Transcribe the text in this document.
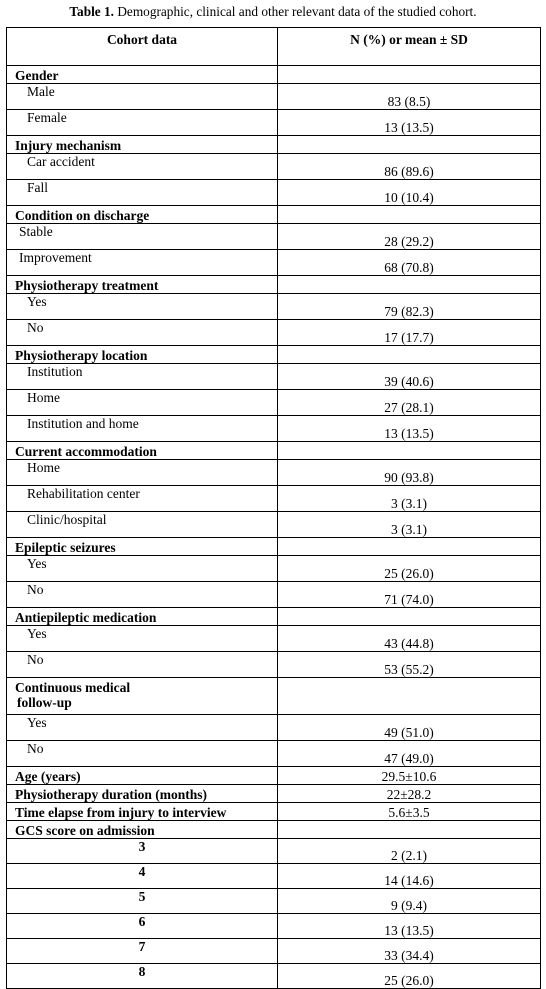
Table 1. Demographic, clinical and other relevant data of the studied cohort.
Cohort data	N (%) or mean ± SD
Gender	
Male	83 (8.5)
Female	13 (13.5)
Injury mechanism	
Car accident	86 (89.6)
Fall	10 (10.4)
Condition on discharge	
Stable	28 (29.2)
Improvement	68 (70.8)
Physiotherapy treatment	
Yes	79 (82.3)
No	17 (17.7)
Physiotherapy location	
Institution	39 (40.6)
Home	27 (28.1)
Institution and home	13 (13.5)
Current accommodation	
Home	90 (93.8)
Rehabilitation center	3 (3.1)
Clinic/hospital	3 (3.1)
Epileptic seizures	
Yes	25 (26.0)
No	71 (74.0)
Antiepileptic medication	
Yes	43 (44.8)
No	53 (55.2)
Continuous medical
follow-up	
Yes	49 (51.0)
No	47 (49.0)
Age (years)	29.5±10.6
Physiotherapy duration (months)	22±28.2
Time elapse from injury to interview	5.6±3.5
GCS score on admission	
3	2 (2.1)
4	14 (14.6)
5	9 (9.4)
6	13 (13.5)
7	33 (34.4)
8	25 (26.0)
